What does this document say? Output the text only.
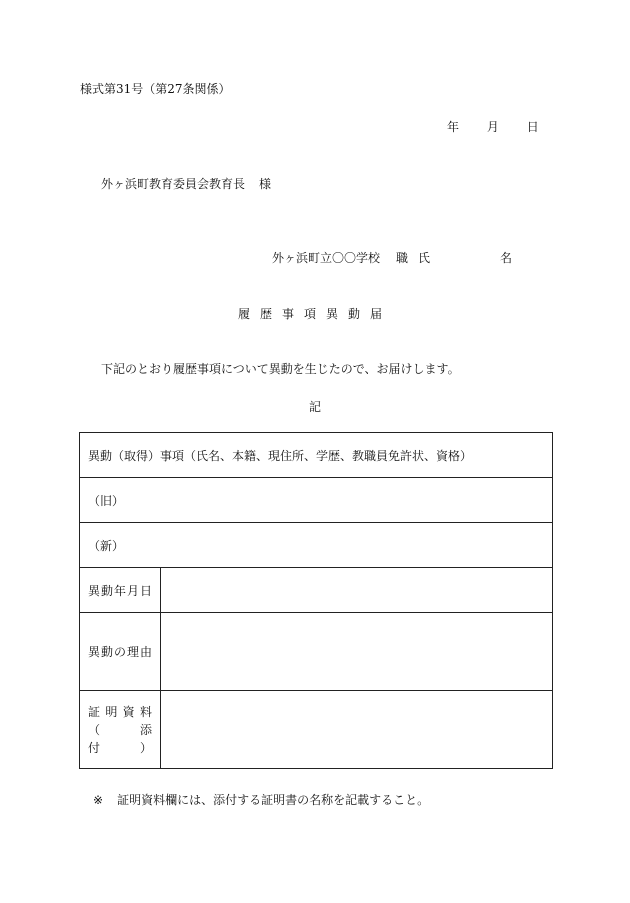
様式第31号（第27条関係）
年 月 日
外ヶ浜町教育委員会教育長 様
外ヶ浜町立〇〇学校 職 氏	名
履歴事項異動届
下記のとおり履歴事項について異動を生じたので、お届けします。
記
異動（取得）事項（氏名、本籍、現住所、学歴、教職員免許状、資格）	
（旧）	
（新）	
異動年月日	
異動の理由	

証明資料
（添　　付）	

※ 証明資料欄には、添付する証明書の名称を記載すること。
